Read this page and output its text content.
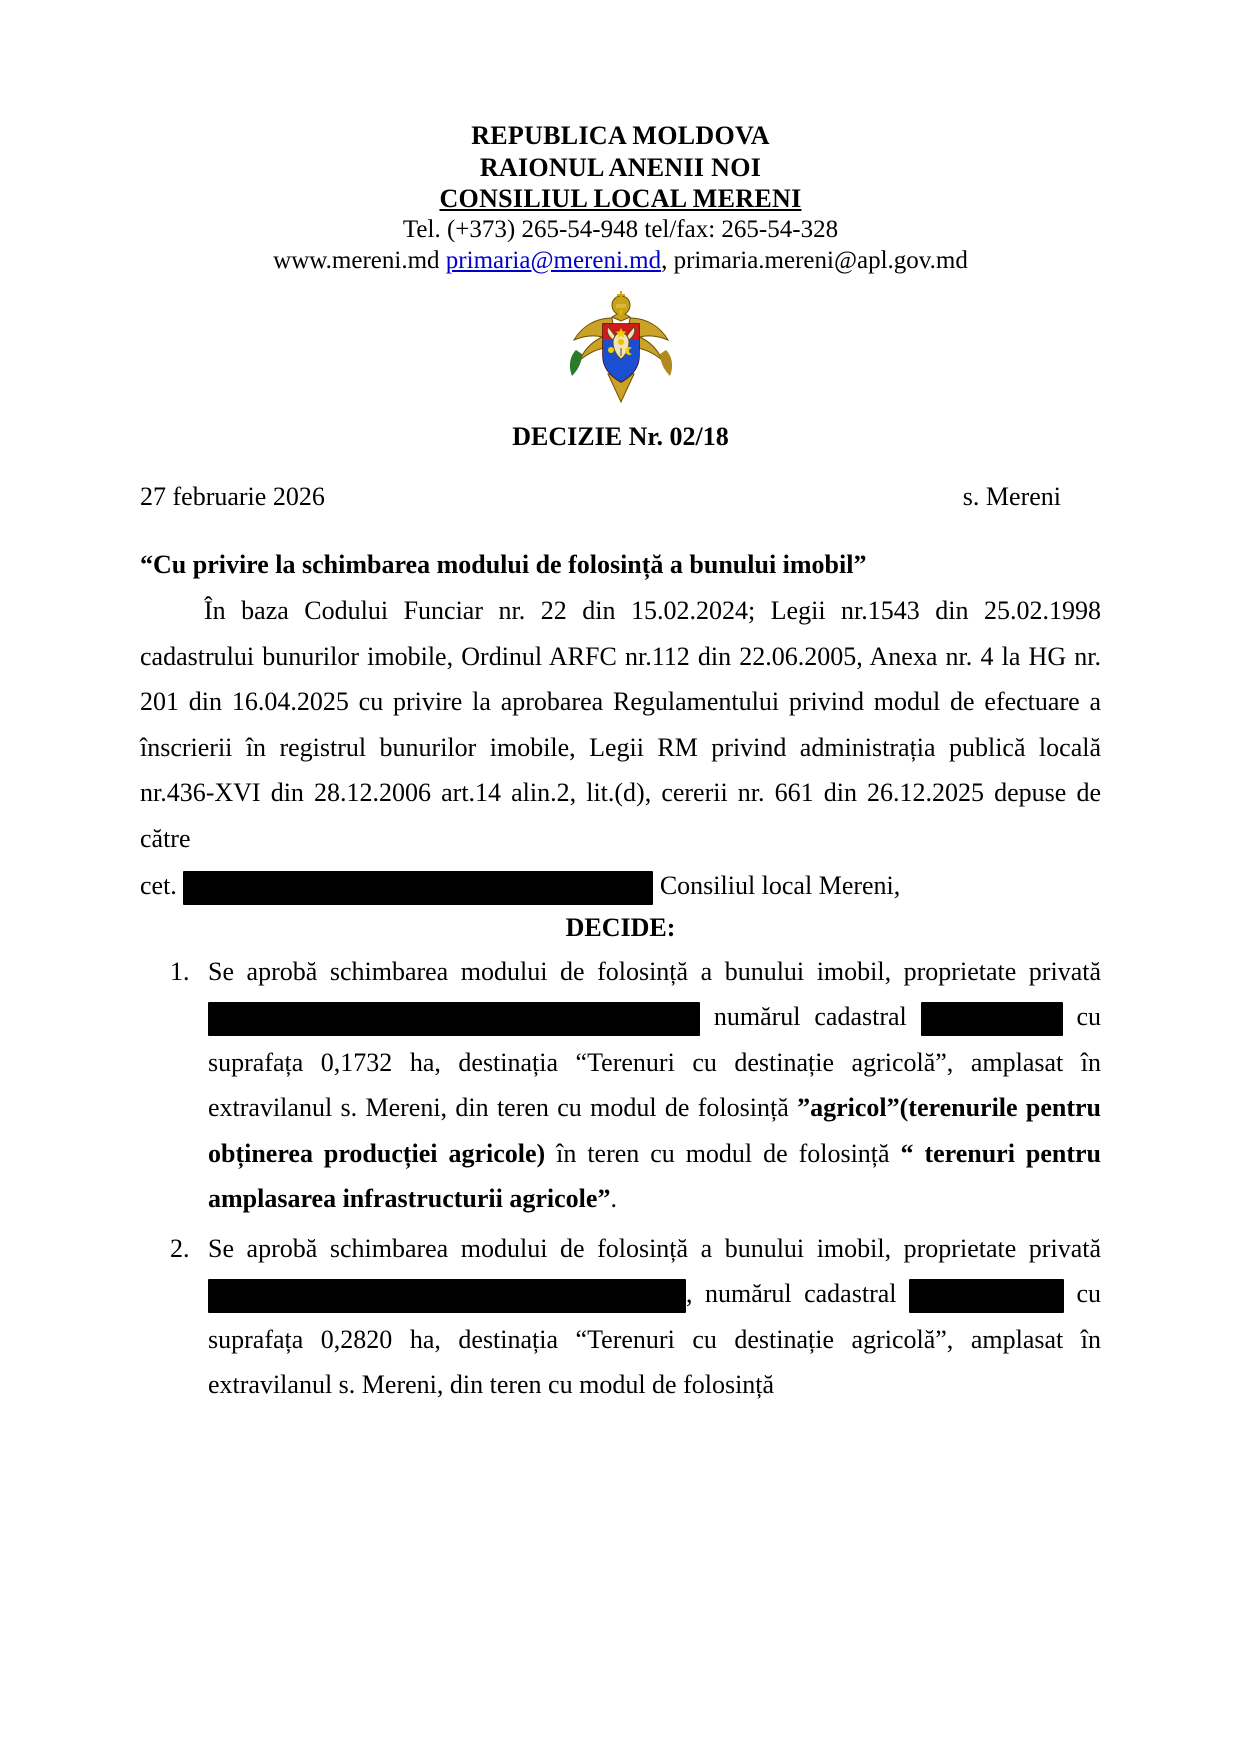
REPUBLICA MOLDOVA
RAIONUL ANENII NOI
CONSILIUL LOCAL MERENI
Tel. (+373) 265-54-948 tel/fax: 265-54-328
www.mereni.md primaria@mereni.md, primaria.mereni@apl.gov.md
DECIZIE Nr. 02/18
27 februarie 2026	s. Mereni
“Cu privire la schimbarea modului de folosință a bunului imobil”

În baza Codului Funciar nr. 22 din 15.02.2024; Legii nr.1543 din 25.02.1998 cadastrului bunurilor imobile, Ordinul ARFC nr.112 din 22.06.2005, Anexa nr. 4 la HG nr. 201 din 16.04.2025 cu privire la aprobarea Regulamentului privind modul de efectuare a înscrierii în registrul bunurilor imobile, Legii RM privind administrația publică locală nr.436-XVI din 28.12.2006 art.14 alin.2, lit.(d), cererii nr. 661 din 26.12.2025 depuse de către

cet.	Consiliul local Mereni,

DECIDE:
1. Se aprobă schimbarea modului de folosință a bunului imobil, proprietate privată  numărul cadastral	cu suprafața 0,1732 ha, destinația “Terenuri cu destinație agricolă”, amplasat în extravilanul s. Mereni, din teren cu modul de folosință ”agricol”(terenurile pentru obținerea producției agricole) în teren cu modul de folosință “ terenuri pentru amplasarea infrastructurii agricole”.
2. Se aprobă schimbarea modului de folosință a bunului imobil, proprietate privată , numărul cadastral	cu suprafața 0,2820 ha, destinația “Terenuri cu destinație agricolă”, amplasat în extravilanul s. Mereni, din teren cu modul de folosință
